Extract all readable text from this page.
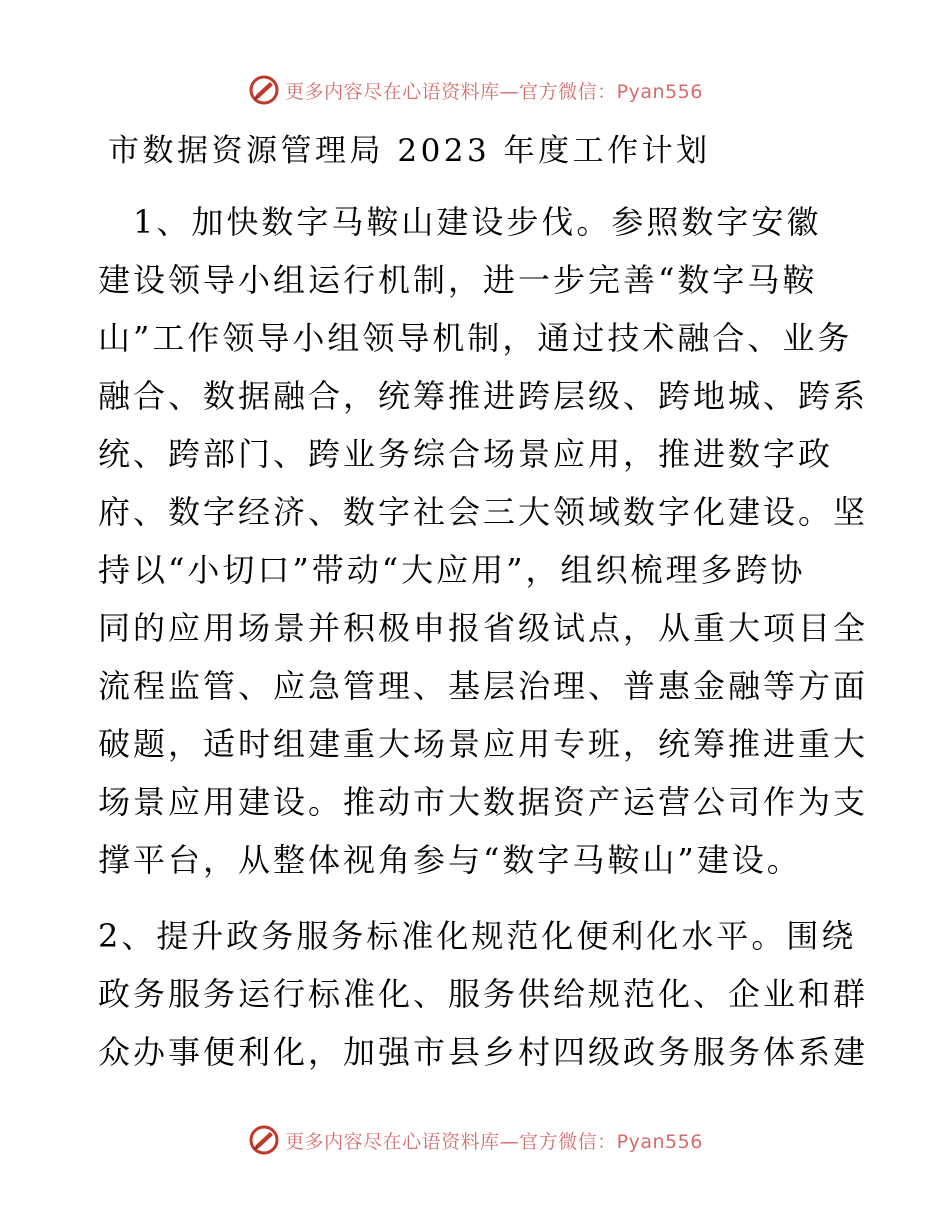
更多内容尽在心语资料库—官方微信：Pyan556
市数据资源管理局 2023 年度工作计划
　1、加快数字马鞍山建设步伐。参照数字安徽
建设领导小组运行机制，进一步完善“数字马鞍
山”工作领导小组领导机制，通过技术融合、业务
融合、数据融合，统筹推进跨层级、跨地城、跨系
统、跨部门、跨业务综合场景应用，推进数字政
府、数字经济、数字社会三大领域数字化建设。坚
持以“小切口”带动“大应用”，组织梳理多跨协
同的应用场景并积极申报省级试点，从重大项目全
流程监管、应急管理、基层治理、普惠金融等方面
破题，适时组建重大场景应用专班，统筹推进重大
场景应用建设。推动市大数据资产运营公司作为支
撑平台，从整体视角参与“数字马鞍山”建设。
2、提升政务服务标准化规范化便利化水平。围绕
政务服务运行标准化、服务供给规范化、企业和群
众办事便利化，加强市县乡村四级政务服务体系建
更多内容尽在心语资料库—官方微信：Pyan556
